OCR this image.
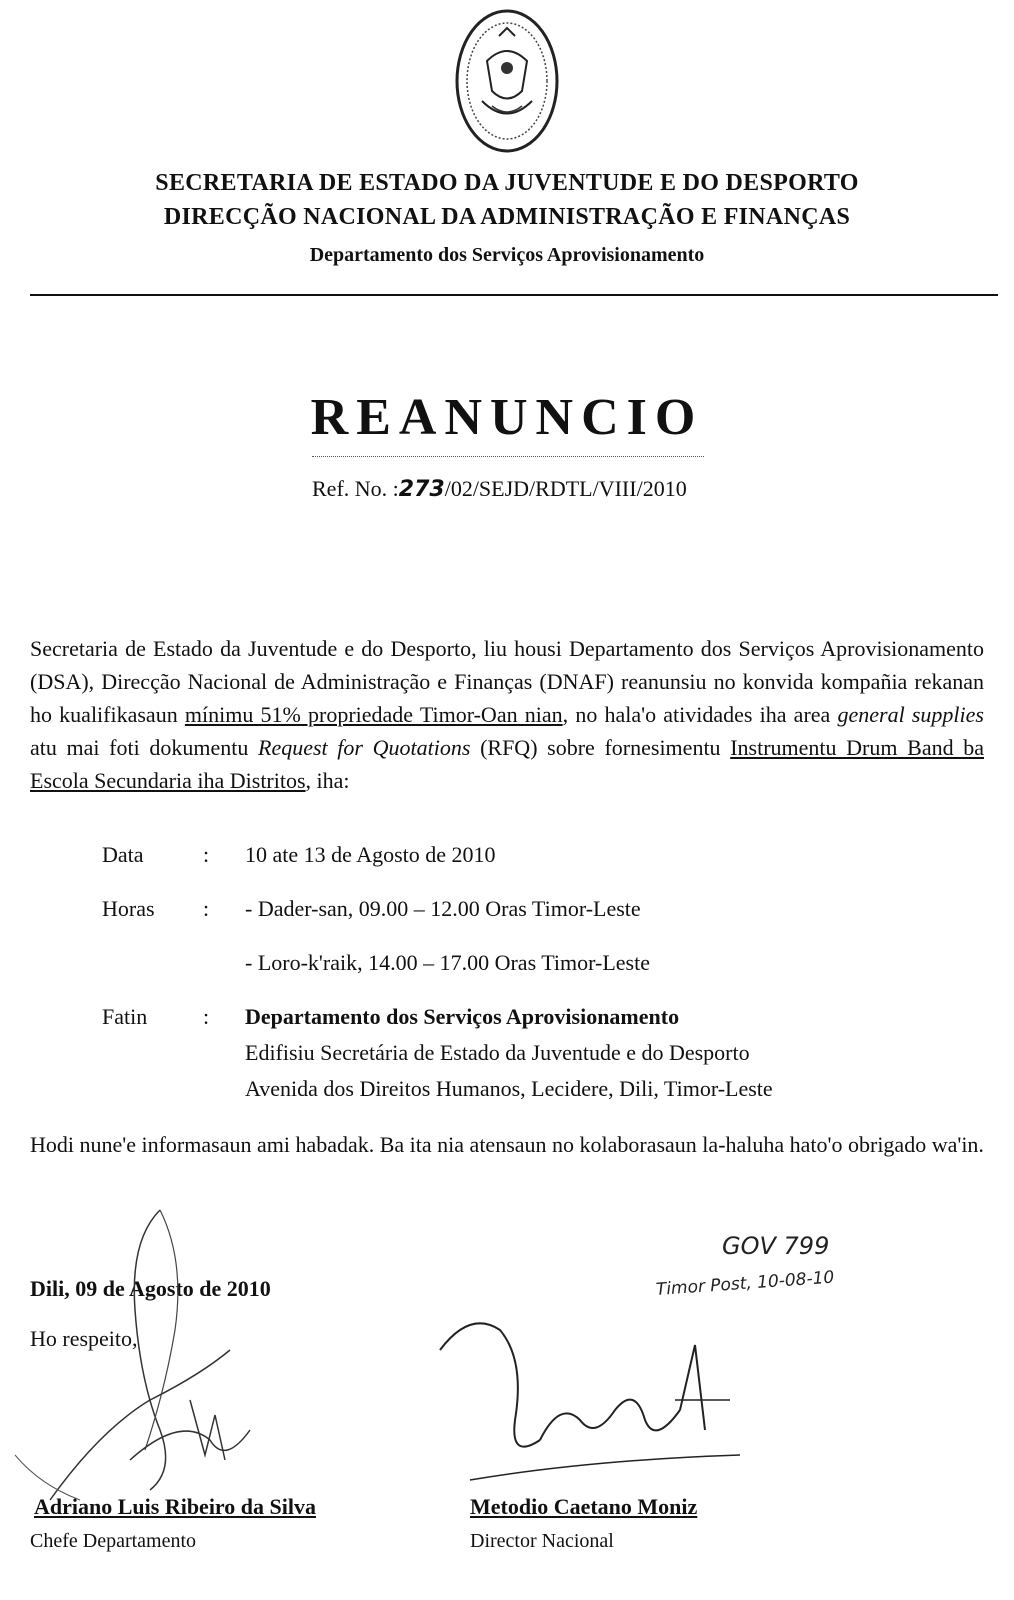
SECRETARIA DE ESTADO DA JUVENTUDE E DO DESPORTO
DIRECÇÃO NACIONAL DA ADMINISTRAÇÃO E FINANÇAS
Departamento dos Serviços Aprovisionamento
REANUNCIO
Ref. No. :273/02/SEJD/RDTL/VIII/2010
Secretaria de Estado da Juventude e do Desporto, liu housi Departamento dos Serviços Aprovisionamento (DSA), Direcção Nacional de Administração e Finanças (DNAF) reanunsiu no konvida kompañia rekanan ho kualifikasaun mínimu 51% propriedade Timor-Oan nian, no hala'o atividades iha area general supplies atu mai foti dokumentu Request for Quotations (RFQ) sobre fornesimentu Instrumentu Drum Band ba Escola Secundaria iha Distritos, iha:
Data	: 10 ate 13 de Agosto de 2010
Horas : - Dader-san, 09.00 – 12.00 Oras Timor-Leste
- Loro-k'raik, 14.00 – 17.00 Oras Timor-Leste
Fatin	: Departamento dos Serviços Aprovisionamento
Edifisiu Secretária de Estado da Juventude e do Desporto
Avenida dos Direitos Humanos, Lecidere, Dili, Timor-Leste
Hodi nune'e informasaun ami habadak. Ba ita nia atensaun no kolaborasaun la-haluha hato'o obrigado wa'in.
GOV 799
Timor Post, 10-08-10
Dili, 09 de Agosto de 2010
Ho respeito,
Adriano Luis Ribeiro da Silva
Chefe Departamento
Metodio Caetano Moniz
Director Nacional
